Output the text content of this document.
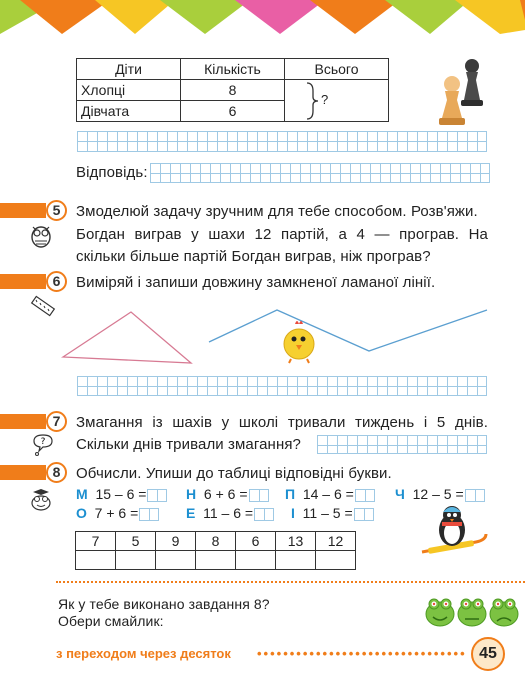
Діти	Кількість	Всього
Хлопці	8	
Дівчата	6	
?
Відповідь:
5	Змоделюй задачу зручним для тебе способом. Розв'яжи.
Богдан виграв у шахи 12 партій, а 4 — програв. На
скільки більше партій Богдан виграв, ніж програв?
6	Виміряй і запиши довжину замкненої ламаної лінії.
7
?
Змагання із шахів у школі тривали тиждень і 5 днів.
Скільки днів тривали змагання?
8	Обчисли. Упиши до таблиці відповідні букви.
М 15 – 6 =	Н 6 + 6 =	П 14 – 6 =	Ч 12 – 5 =
О 7 + 6 =	Е 11 – 6 =	І 11 – 5 =
7	5	9	8	6	13	12

Як у тебе виконано завдання 8?
Обери смайлик:
з переходом через десяток •••••••••••••••••••••••••••••••• 45
